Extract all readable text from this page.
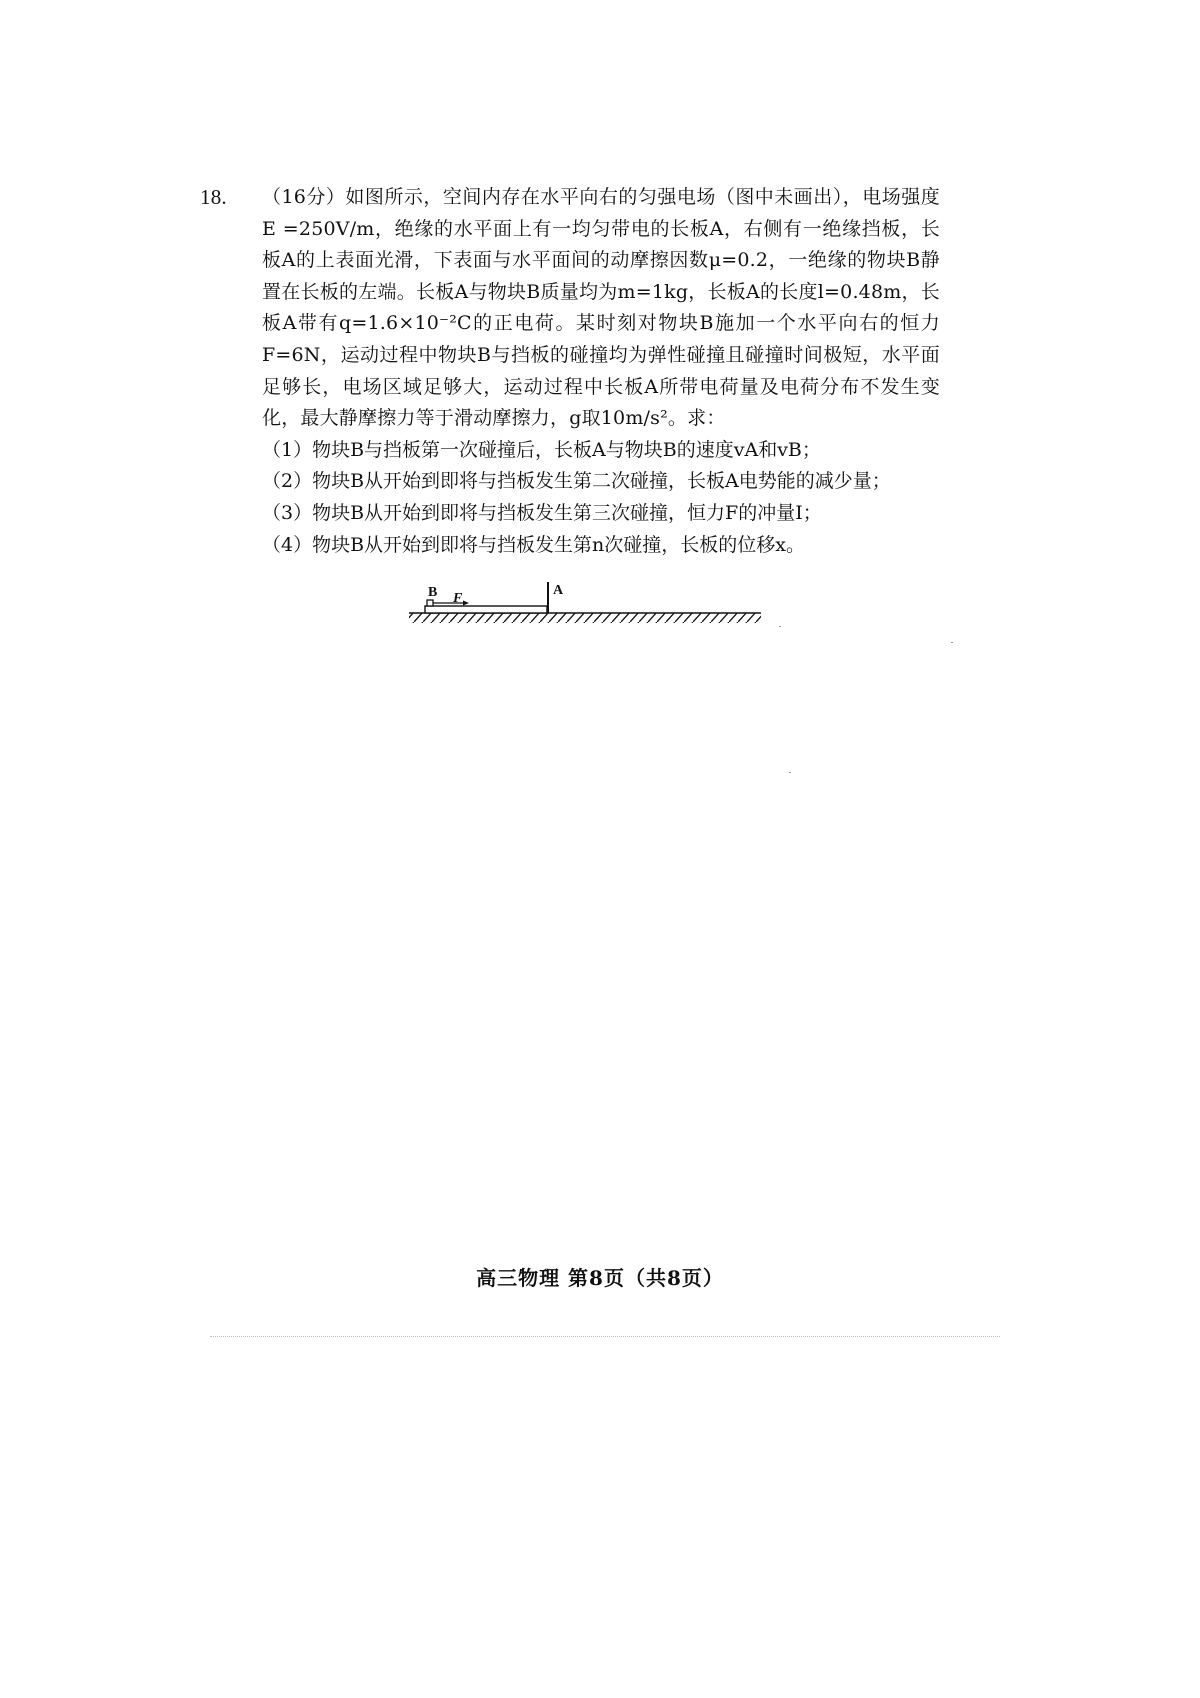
18. （16分）如图所示，空间内存在水平向右的匀强电场（图中未画出），电场强度E =250V/m，绝缘的水平面上有一均匀带电的长板A，右侧有一绝缘挡板，长板A的上表面光滑，下表面与水平面间的动摩擦因数μ=0.2，一绝缘的物块B静置在长板的左端。长板A与物块B质量均为m=1kg，长板A的长度l=0.48m，长板A带有q=1.6×10⁻²C的正电荷。某时刻对物块B施加一个水平向右的恒力F=6N，运动过程中物块B与挡板的碰撞均为弹性碰撞且碰撞时间极短，水平面足够长，电场区域足够大，运动过程中长板A所带电荷量及电荷分布不发生变化，最大静摩擦力等于滑动摩擦力，g取10m/s²。求：
（1）物块B与挡板第一次碰撞后，长板A与物块B的速度vA和vB；
（2）物块B从开始到即将与挡板发生第二次碰撞，长板A电势能的减少量；
（3）物块B从开始到即将与挡板发生第三次碰撞，恒力F的冲量I；
（4）物块B从开始到即将与挡板发生第n次碰撞，长板的位移x。
B F
A
高三物理 第8页（共8页）
